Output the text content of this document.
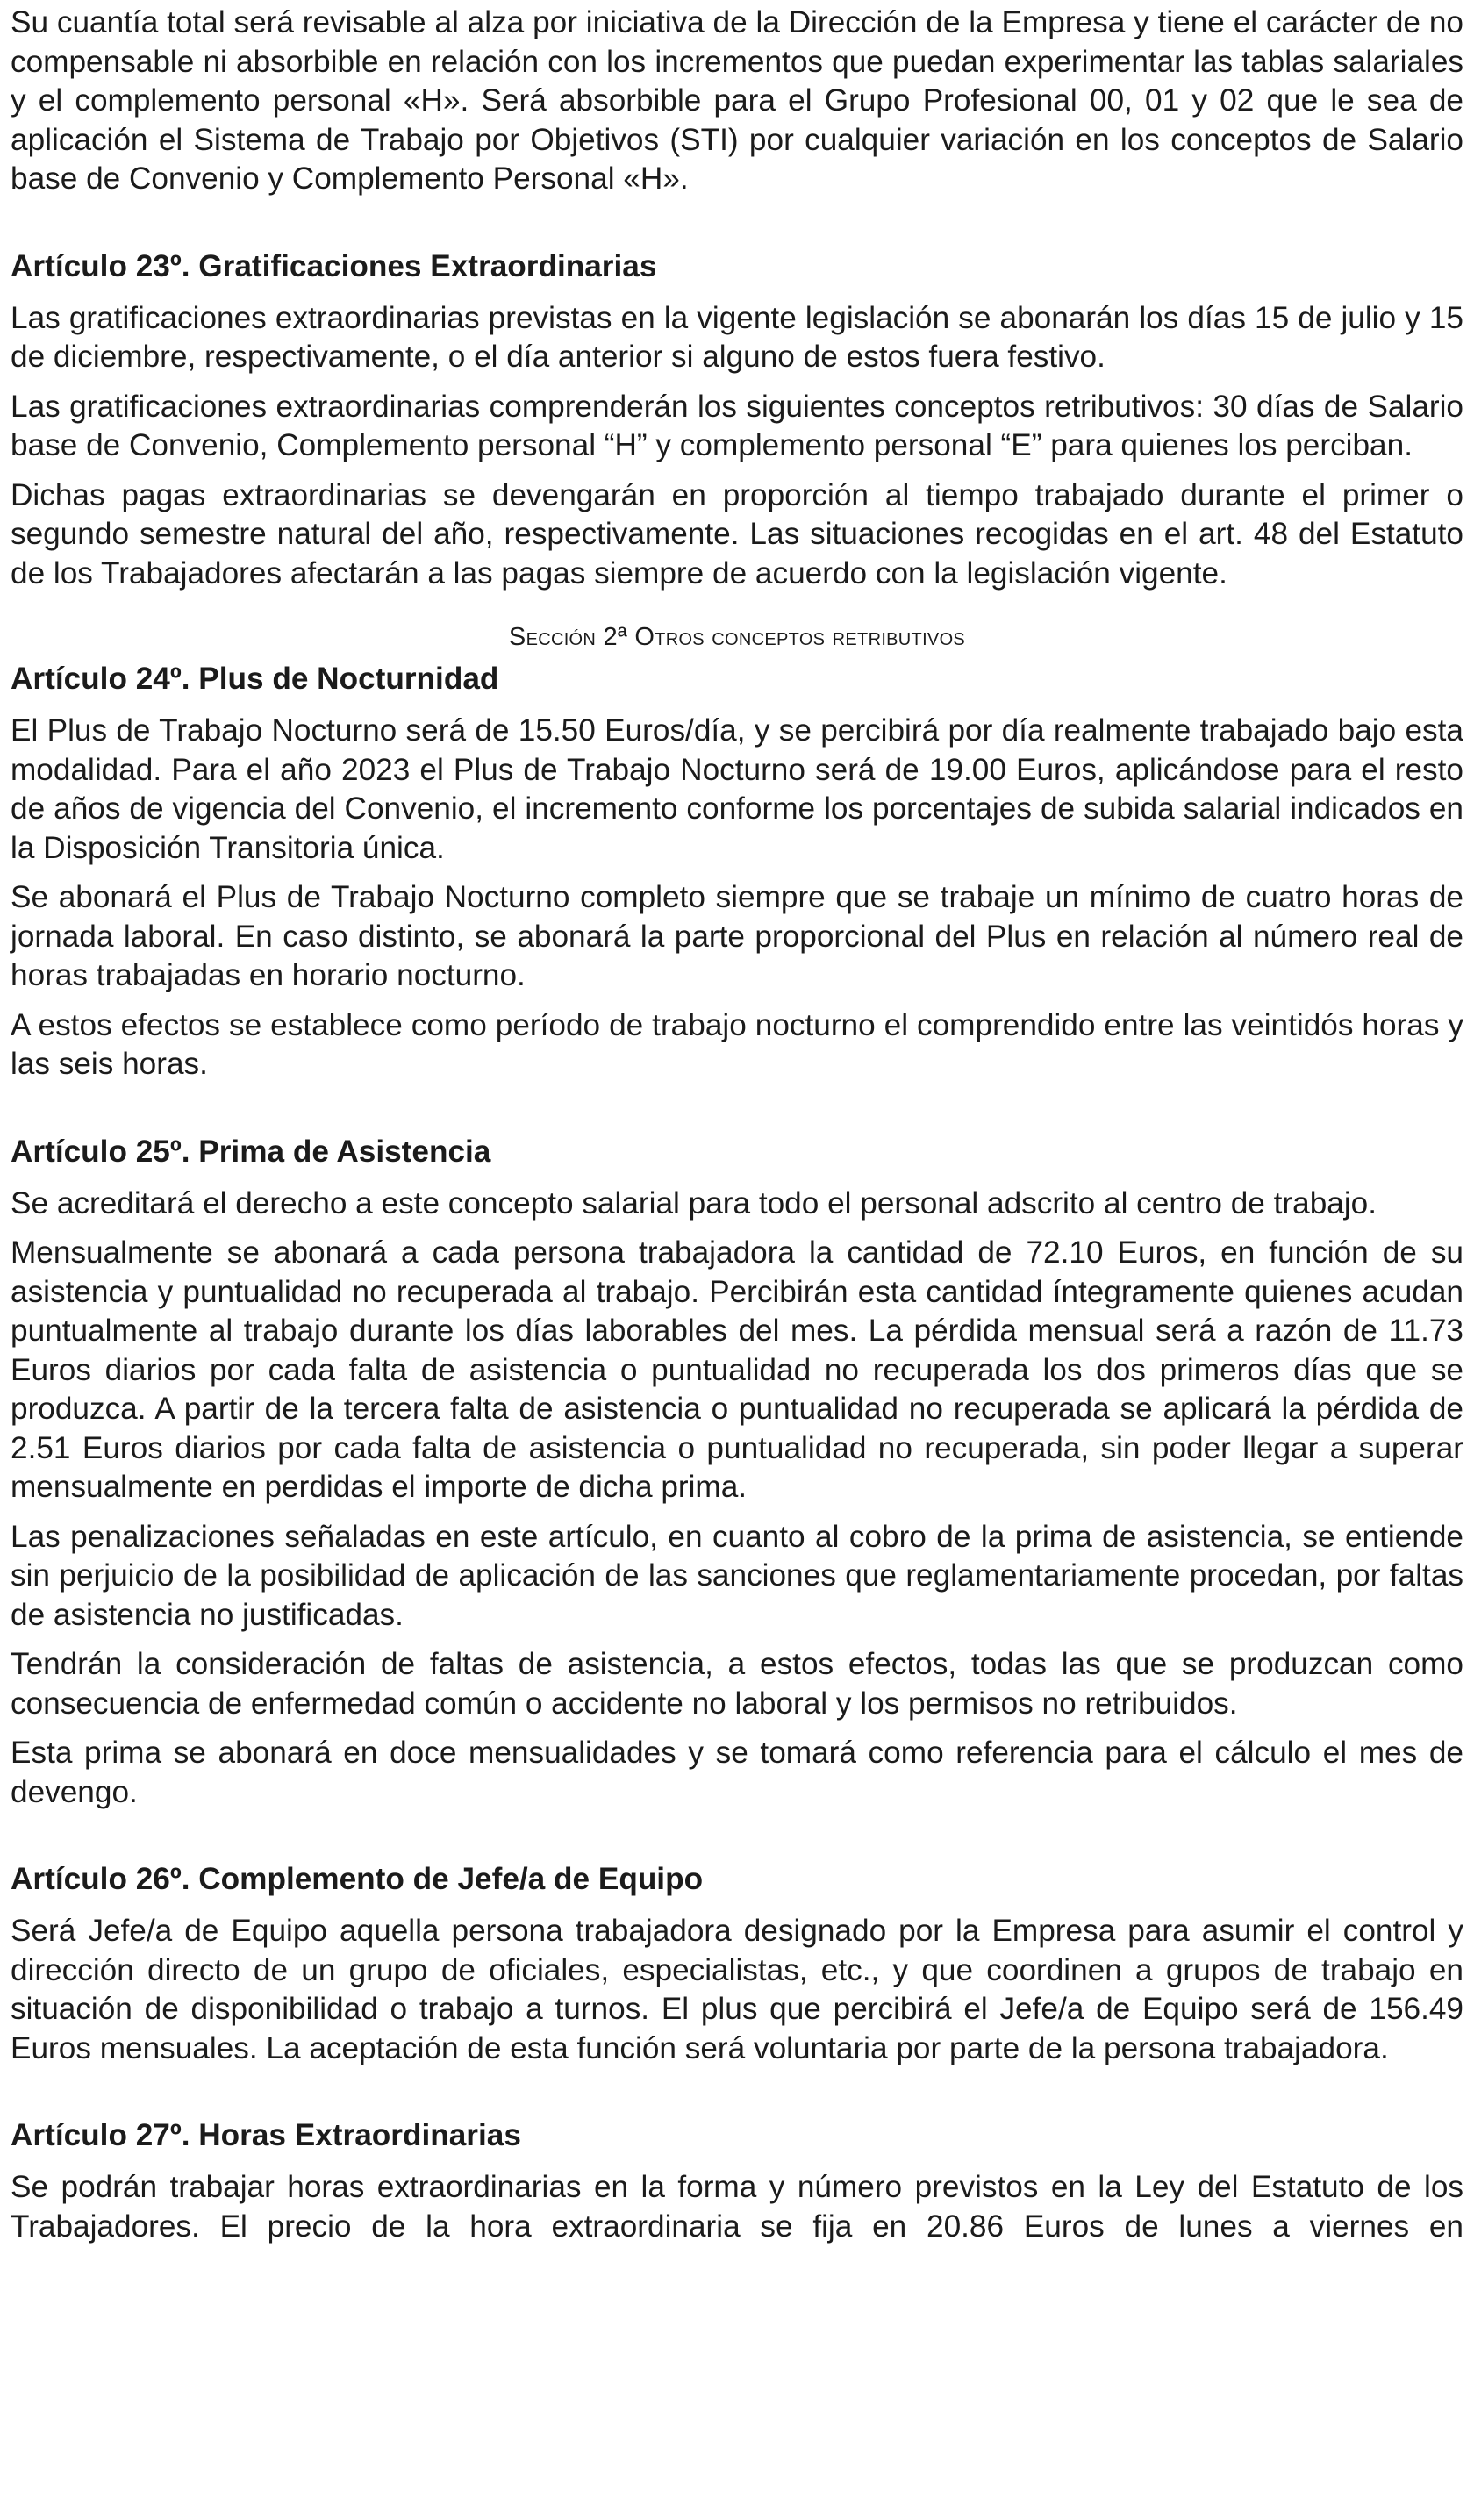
Su cuantía total será revisable al alza por iniciativa de la Dirección de la Empresa y tiene el carácter de no compensable ni absorbible en relación con los incrementos que puedan experimentar las tablas salariales y el complemento personal «H». Será absorbible para el Grupo Profesional 00, 01 y 02 que le sea de aplicación el Sistema de Trabajo por Objetivos (STI) por cualquier variación en los conceptos de Salario base de Convenio y Complemento Personal «H».

Artículo 23º. Gratificaciones Extraordinarias

Las gratificaciones extraordinarias previstas en la vigente legislación se abonarán los días 15 de julio y 15 de diciembre, respectivamente, o el día anterior si alguno de estos fuera festivo.

Las gratificaciones extraordinarias comprenderán los siguientes conceptos retributivos: 30 días de Salario base de Convenio, Complemento personal “H” y complemento personal “E” para quienes los perciban.

Dichas pagas extraordinarias se devengarán en proporción al tiempo trabajado durante el primer o segundo semestre natural del año, respectivamente. Las situaciones recogidas en el art. 48 del Estatuto de los Trabajadores afectarán a las pagas siempre de acuerdo con la legislación vigente.

Sección 2ª Otros conceptos retributivos
Artículo 24º. Plus de Nocturnidad

El Plus de Trabajo Nocturno será de 15.50 Euros/día, y se percibirá por día realmente trabajado bajo esta modalidad. Para el año 2023 el Plus de Trabajo Nocturno será de 19.00 Euros, aplicándose para el resto de años de vigencia del Convenio, el incremento conforme los porcentajes de subida salarial indicados en la Disposición Transitoria única.

Se abonará el Plus de Trabajo Nocturno completo siempre que se trabaje un mínimo de cuatro horas de jornada laboral. En caso distinto, se abonará la parte proporcional del Plus en relación al número real de horas trabajadas en horario nocturno.

A estos efectos se establece como período de trabajo nocturno el comprendido entre las veintidós horas y las seis horas.

Artículo 25º. Prima de Asistencia

Se acreditará el derecho a este concepto salarial para todo el personal adscrito al centro de trabajo.

Mensualmente se abonará a cada persona trabajadora la cantidad de 72.10 Euros, en función de su asistencia y puntualidad no recuperada al trabajo. Percibirán esta cantidad íntegramente quienes acudan puntualmente al trabajo durante los días laborables del mes. La pérdida mensual será a razón de 11.73 Euros diarios por cada falta de asistencia o puntualidad no recuperada los dos primeros días que se produzca. A partir de la tercera falta de asistencia o puntualidad no recuperada se aplicará la pérdida de 2.51 Euros diarios por cada falta de asistencia o puntualidad no recuperada, sin poder llegar a superar mensualmente en perdidas el importe de dicha prima.

Las penalizaciones señaladas en este artículo, en cuanto al cobro de la prima de asistencia, se entiende sin perjuicio de la posibilidad de aplicación de las sanciones que reglamentariamente procedan, por faltas de asistencia no justificadas.

Tendrán la consideración de faltas de asistencia, a estos efectos, todas las que se produzcan como consecuencia de enfermedad común o accidente no laboral y los permisos no retribuidos.

Esta prima se abonará en doce mensualidades y se tomará como referencia para el cálculo el mes de devengo.

Artículo 26º. Complemento de Jefe/a de Equipo

Será Jefe/a de Equipo aquella persona trabajadora designado por la Empresa para asumir el control y dirección directo de un grupo de oficiales, especialistas, etc., y que coordinen a grupos de trabajo en situación de disponibilidad o trabajo a turnos. El plus que percibirá el Jefe/a de Equipo será de 156.49 Euros mensuales. La aceptación de esta función será voluntaria por parte de la persona trabajadora.

Artículo 27º. Horas Extraordinarias

Se podrán trabajar horas extraordinarias en la forma y número previstos en la Ley del Estatuto de los Trabajadores. El precio de la hora extraordinaria se fija en 20.86 Euros de lunes a viernes en
